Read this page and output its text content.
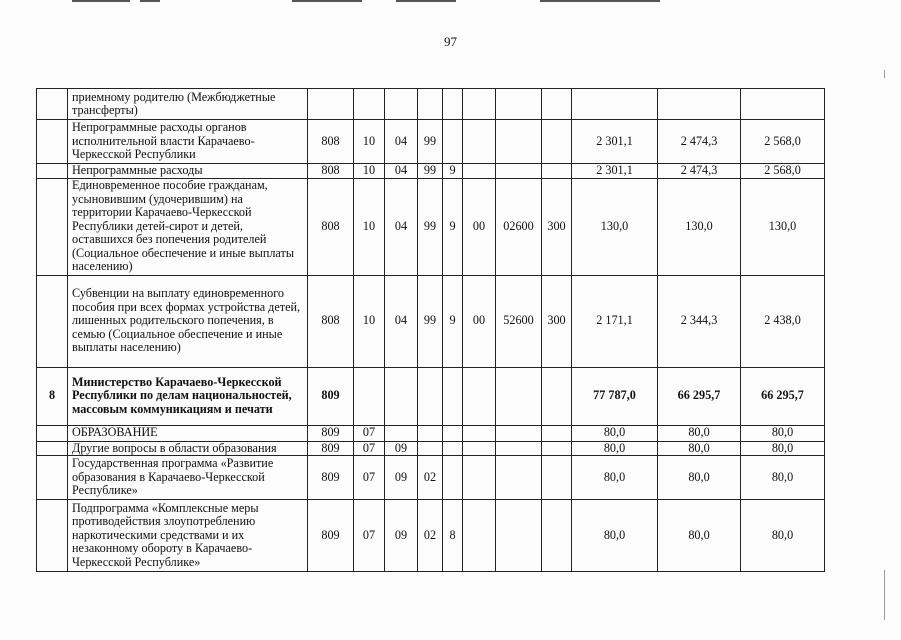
97
	приемному родителю (Межбюджетные трансферты)											
	Непрограммные расходы органов исполнительной власти Карачаево-Черкесской Республики	808	10	04	99					2 301,1	2 474,3	2 568,0
	Непрограммные расходы	808	10	04	99	9				2 301,1	2 474,3	2 568,0
	Единовременное пособие гражданам, усыновившим (удочерившим) на территории Карачаево-Черкесской Республики детей-сирот и детей, оставшихся без попечения родителей (Социальное обеспечение и иные выплаты населению)	808	10	04	99	9	00	02600	300	130,0	130,0	130,0
	Субвенции на выплату единовременного пособия при всех формах устройства детей, лишенных родительского попечения, в семью (Социальное обеспечение и иные выплаты населению)	808	10	04	99	9	00	52600	300	2 171,1	2 344,3	2 438,0
8	Министерство Карачаево-Черкесской Республики по делам национальностей, массовым коммуникациям и печати	809								77 787,0	66 295,7	66 295,7
	ОБРАЗОВАНИЕ	809	07							80,0	80,0	80,0
	Другие вопросы в области образования	809	07	09						80,0	80,0	80,0
	Государственная программа «Развитие образования в Карачаево-Черкесской Республике»	809	07	09	02					80,0	80,0	80,0
	Подпрограмма «Комплексные меры противодействия злоупотреблению наркотическими средствами и их незаконному обороту в Карачаево-Черкесской Республике»	809	07	09	02	8				80,0	80,0	80,0
